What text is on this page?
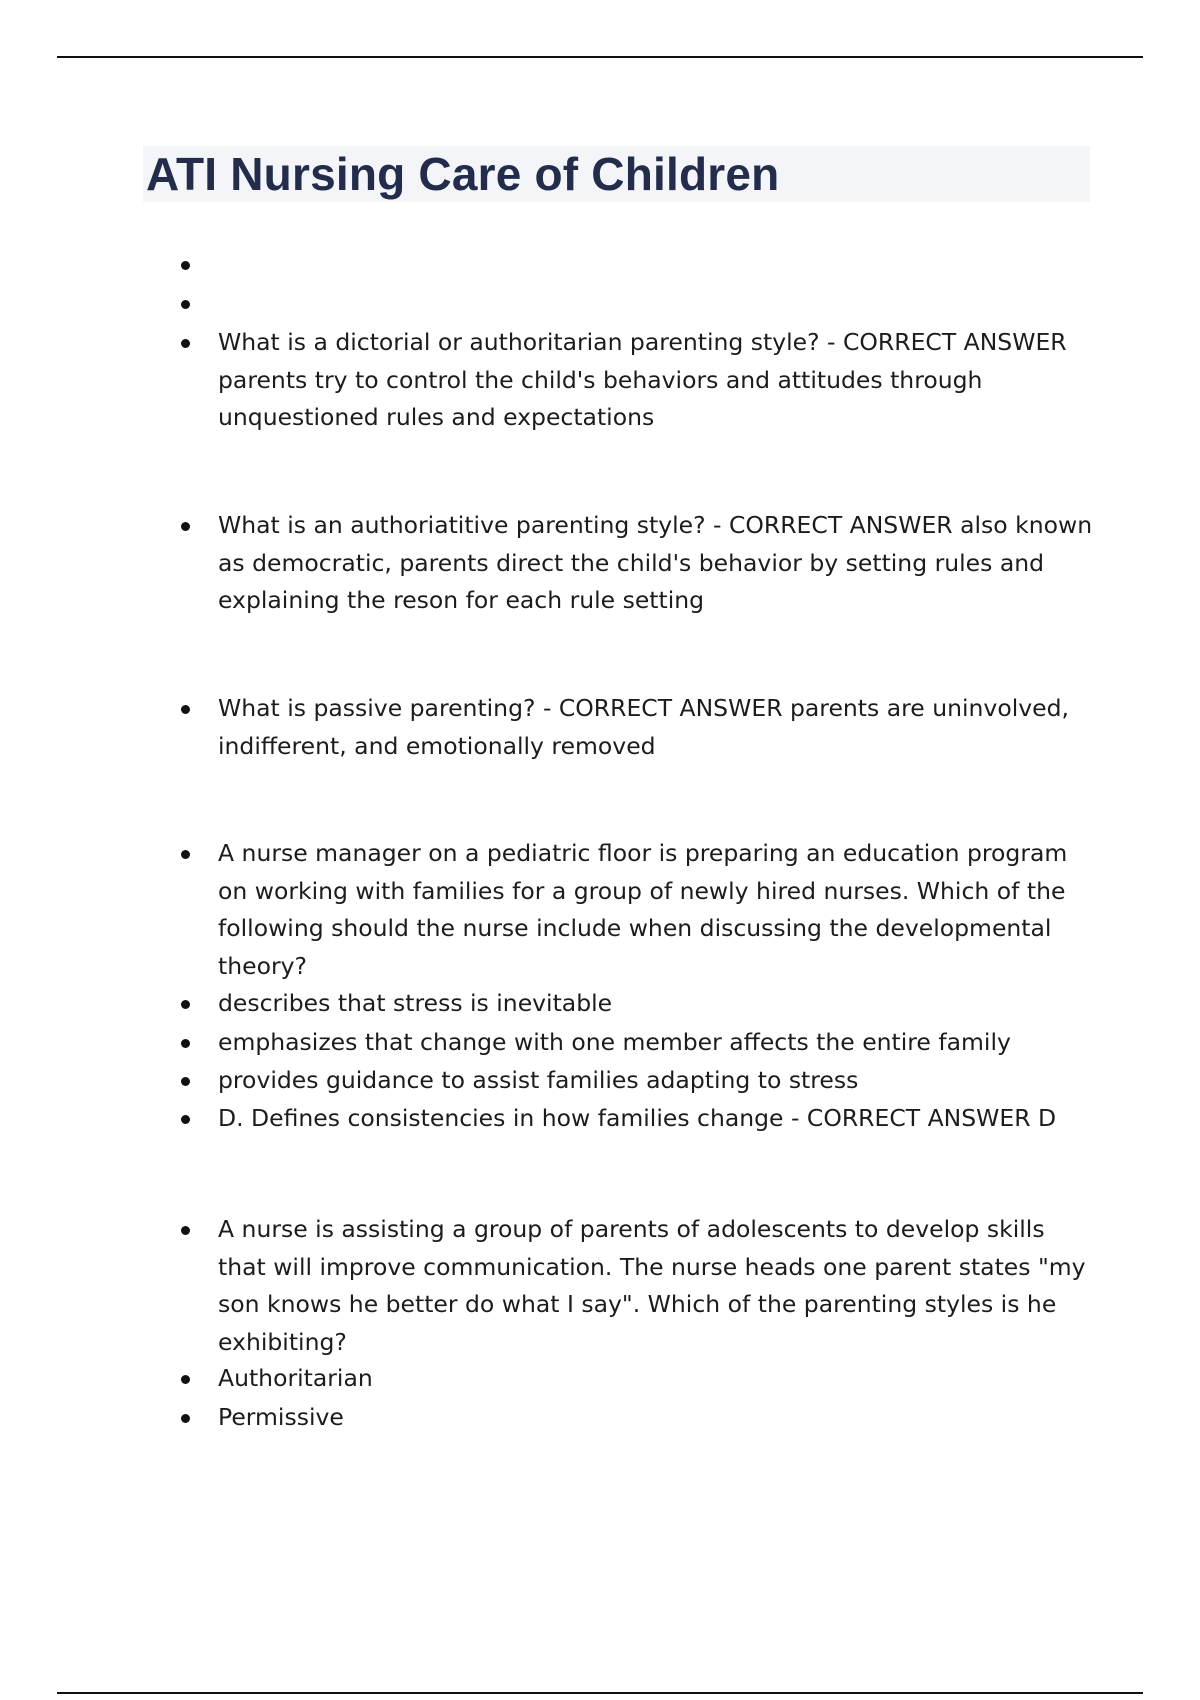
ATI Nursing Care of Children
What is a dictorial or authoritarian parenting style? - CORRECT ANSWER parents try to control the child's behaviors and attitudes through unquestioned rules and expectations
What is an authoriatitive parenting style? - CORRECT ANSWER also known as democratic, parents direct the child's behavior by setting rules and explaining the reson for each rule setting
What is passive parenting? - CORRECT ANSWER parents are uninvolved, indifferent, and emotionally removed
A nurse manager on a pediatric floor is preparing an education program on working with families for a group of newly hired nurses. Which of the following should the nurse include when discussing the developmental theory?
describes that stress is inevitable
emphasizes that change with one member affects the entire family
provides guidance to assist families adapting to stress
D. Defines consistencies in how families change - CORRECT ANSWER D
A nurse is assisting a group of parents of adolescents to develop skills that will improve communication. The nurse heads one parent states "my son knows he better do what I say". Which of the parenting styles is he exhibiting?
Authoritarian
Permissive
